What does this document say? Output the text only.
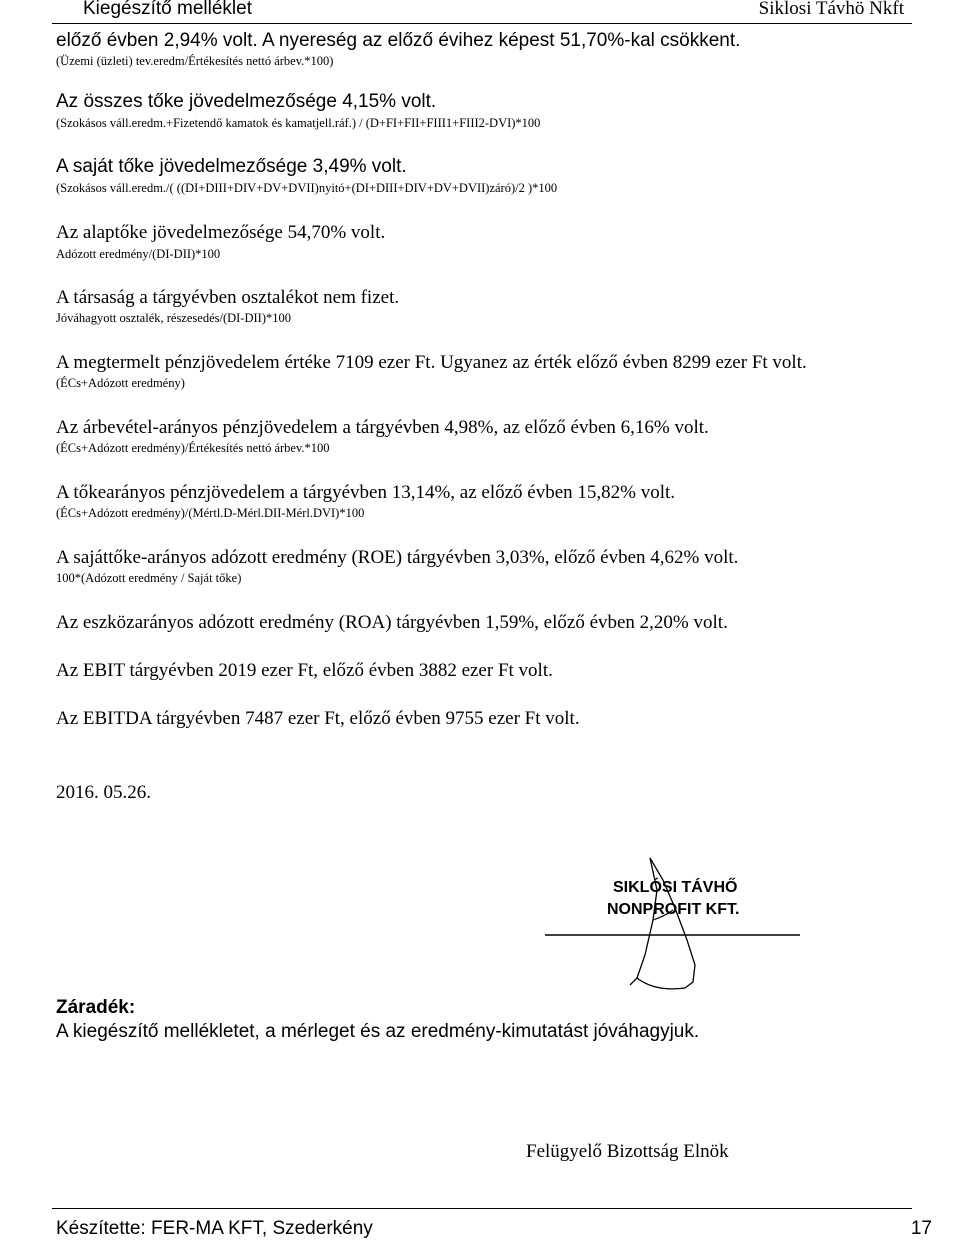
Kiegészítő melléklet	Siklosi Távhö Nkft
előző évben 2,94% volt. A nyereség az előző évihez képest 51,70%-kal csökkent.
(Üzemi (üzleti) tev.eredm/Értékesítés nettó árbev.*100)
Az összes tőke jövedelmezősége 4,15% volt.
(Szokásos váll.eredm.+Fizetendő kamatok és kamatjell.ráf.) / (D+FI+FII+FIII1+FIII2-DVI)*100
A saját tőke jövedelmezősége 3,49% volt.
(Szokásos váll.eredm./( ((DI+DIII+DIV+DV+DVII)nyitó+(DI+DIII+DIV+DV+DVII)záró)/2 )*100
Az alaptőke jövedelmezősége 54,70% volt.
Adózott eredmény/(DI-DII)*100
A társaság a tárgyévben osztalékot nem fizet.
Jóváhagyott osztalék, részesedés/(DI-DII)*100
A megtermelt pénzjövedelem értéke 7109 ezer Ft. Ugyanez az érték előző évben 8299 ezer Ft volt.
(ÉCs+Adózott eredmény)
Az árbevétel-arányos pénzjövedelem a tárgyévben 4,98%, az előző évben 6,16% volt.
(ÉCs+Adózott eredmény)/Értékesítés nettó árbev.*100
A tőkearányos pénzjövedelem a tárgyévben 13,14%, az előző évben 15,82% volt.
(ÉCs+Adózott eredmény)/(Mértl.D-Mérl.DII-Mérl.DVI)*100
A sajáttőke-arányos adózott eredmény (ROE) tárgyévben 3,03%, előző évben 4,62% volt.
100*(Adózott eredmény / Saját tőke)
Az eszközarányos adózott eredmény (ROA) tárgyévben 1,59%, előző évben 2,20% volt.
Az EBIT tárgyévben 2019 ezer Ft, előző évben 3882 ezer Ft volt.
Az EBITDA tárgyévben 7487 ezer Ft, előző évben 9755 ezer Ft volt.
2016. 05.26.
SIKLÓSI TÁVHŐ
NONPROFIT KFT.
Záradék:
A kiegészítő mellékletet, a mérleget és az eredmény-kimutatást jóváhagyjuk.
Felügyelő Bizottság Elnök
Készítette: FER-MA KFT, Szederkény	17
